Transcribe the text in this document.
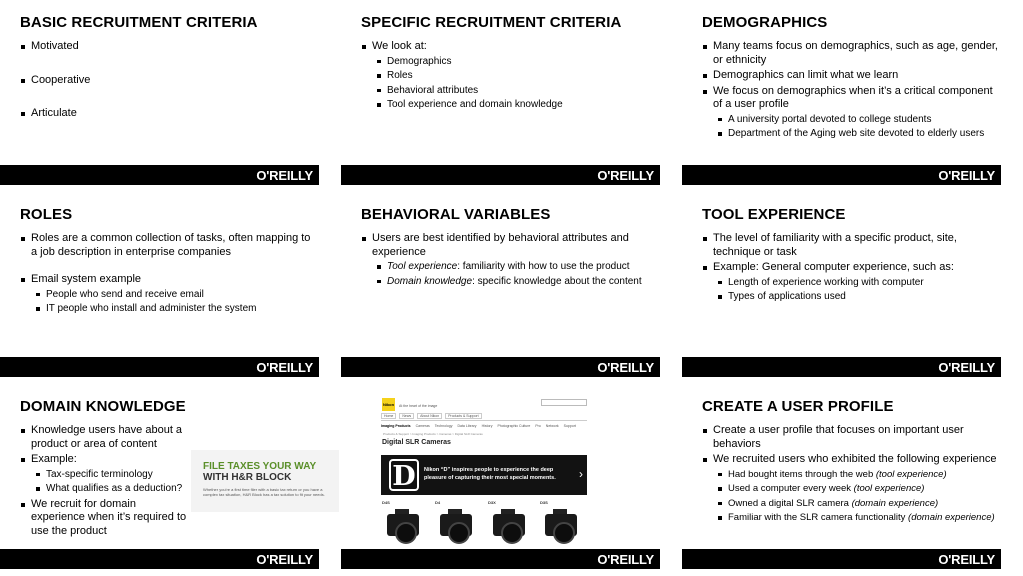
BASIC RECRUITMENT CRITERIA
Motivated
Cooperative
Articulate
O'REILLY
SPECIFIC RECRUITMENT CRITERIA
We look at:
Demographics
Roles
Behavioral attributes
Tool experience and domain knowledge
O'REILLY
DEMOGRAPHICS
Many teams focus on demographics, such as age, gender, or ethnicity
Demographics can limit what we learn
We focus on demographics when it’s a critical component of a user profile
A university portal devoted to college students
Department of the Aging web site devoted to elderly users
O'REILLY
ROLES
Roles are a common collection of tasks, often mapping to a job description in enterprise companies
Email system example
People who send and receive email
IT people who install and administer the system
O'REILLY
BEHAVIORAL VARIABLES
Users are best identified by behavioral attributes and experience
Tool experience: familiarity with how to use the product
Domain knowledge: specific knowledge about the content
O'REILLY
TOOL EXPERIENCE
The level of familiarity with a specific product, site, technique or task
Example: General computer experience, such as:
Length of experience working with computer
Types of applications used
O'REILLY
DOMAIN KNOWLEDGE
Knowledge users have about a product or area of content
Example:
Tax-specific terminology
What qualifies as a deduction?
We recruit for domain experience when it’s required to use the product
FILE TAXES YOUR WAY
WITH H&R BLOCK
Whether you're a first time filer with a basic tax return or you have a complex tax situation, H&R Block has a tax solution to fit your needs.
O'REILLY
Nikon At the heart of the image
Home	News	About Nikon	Products & Support
Imaging Products Cameras Technology Data Library History Photographic Culture Pro Network Support
Products & Support > Imaging Products > Cameras > Digital SLR Cameras
Digital SLR Cameras
D	Nikon “D” inspires people to experience the deep pleasure of capturing their most special moments.	›
D4S	D4	D3X	D3S
O'REILLY
CREATE A USER PROFILE
Create a user profile that focuses on important user behaviors
We recruited users who exhibited the following experience
Had bought items through the web (tool experience)
Used a computer every week (tool experience)
Owned a digital SLR camera (domain experience)
Familiar with the SLR camera functionality (domain experience)
O'REILLY
